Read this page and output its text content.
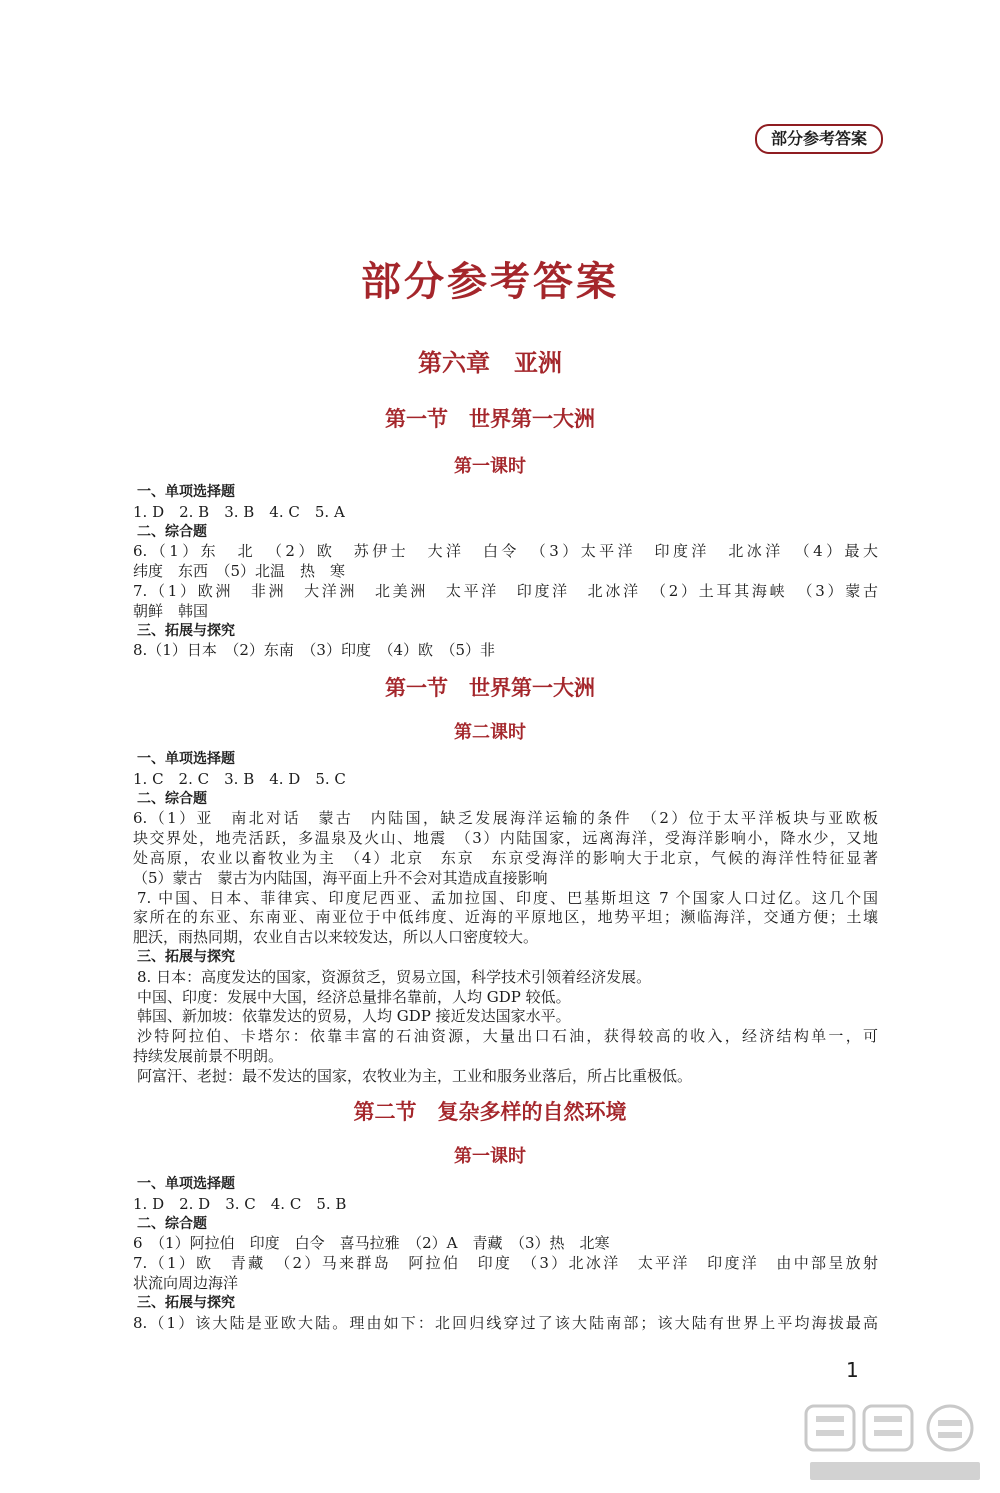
部分参考答案
部分参考答案
第六章　亚洲
第一节　世界第一大洲
第一课时
一、单项选择题
1. D　2. B　3. B　4. C　5. A
二、综合题
6.（1）东　北　（2）欧　苏伊士　大洋　白令　（3）太平洋　印度洋　北冰洋　（4）最大
纬度　东西　（5）北温　热　寒
7.（1）欧洲　非洲　大洋洲　北美洲　太平洋　印度洋　北冰洋　（2）土耳其海峡　（3）蒙古
朝鲜　韩国
三、拓展与探究
8.（1）日本　（2）东南　（3）印度　（4）欧　（5）非
第一节　世界第一大洲
第二课时
一、单项选择题
1. C　2. C　3. B　4. D　5. C
二、综合题
6.（1）亚　南北对话　蒙古　内陆国，缺乏发展海洋运输的条件　（2）位于太平洋板块与亚欧板
块交界处，地壳活跃，多温泉及火山、地震　（3）内陆国家，远离海洋，受海洋影响小，降水少，又地
处高原，农业以畜牧业为主　（4）北京　东京　东京受海洋的影响大于北京，气候的海洋性特征显著
（5）蒙古　蒙古为内陆国，海平面上升不会对其造成直接影响
7. 中国、日本、菲律宾、印度尼西亚、孟加拉国、印度、巴基斯坦这 7 个国家人口过亿。这几个国
家所在的东亚、东南亚、南亚位于中低纬度、近海的平原地区，地势平坦；濒临海洋，交通方便；土壤
肥沃，雨热同期，农业自古以来较发达，所以人口密度较大。
三、拓展与探究
8. 日本：高度发达的国家，资源贫乏，贸易立国，科学技术引领着经济发展。
中国、印度：发展中大国，经济总量排名靠前，人均 GDP 较低。
韩国、新加坡：依靠发达的贸易，人均 GDP 接近发达国家水平。
沙特阿拉伯、卡塔尔：依靠丰富的石油资源，大量出口石油，获得较高的收入，经济结构单一，可
持续发展前景不明朗。
阿富汗、老挝：最不发达的国家，农牧业为主，工业和服务业落后，所占比重极低。
第二节　复杂多样的自然环境
第一课时
一、单项选择题
1. D　2. D　3. C　4. C　5. B
二、综合题
6　（1）阿拉伯　印度　白令　喜马拉雅　（2）A　青藏　（3）热　北寒
7.（1）欧　青藏　（2）马来群岛　阿拉伯　印度　（3）北冰洋　太平洋　印度洋　由中部呈放射
状流向周边海洋
三、拓展与探究
8.（1）该大陆是亚欧大陆。理由如下：北回归线穿过了该大陆南部；该大陆有世界上平均海拔最高
1
